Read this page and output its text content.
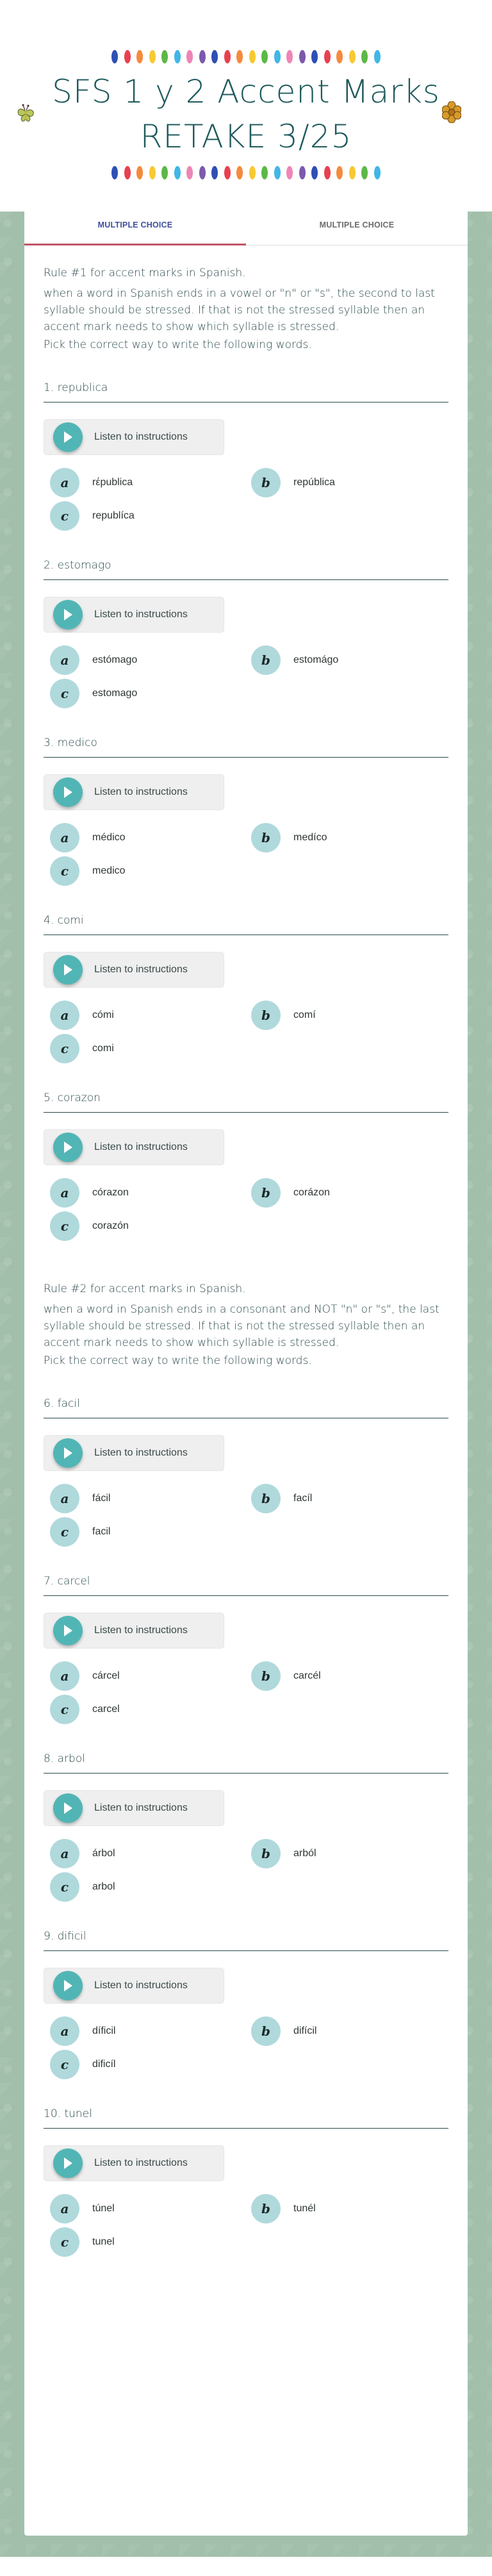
SFS 1 y 2 Accent Marks
RETAKE 3/25
MULTIPLE CHOICE	MULTIPLE CHOICE

Rule #1 for accent marks in Spanish.

when a word in Spanish ends in a vowel or "n" or "s", the second to last syllable should be stressed. If that is not the stressed syllable then an accent mark needs to show which syllable is stressed.

Pick the correct way to write the following words.

1. republica
Listen to instructions
a	rέpublica	b	república
c	republíca
2. estomago
Listen to instructions
a	estómago	b	estomágo
c	estomago
3. medico
Listen to instructions
a	médico	b	medíco
c	medico
4. comi
Listen to instructions
a	cómi	b	comí
c	comi
5. corazon
Listen to instructions
a	córazon	b	corázon
c	corazón

Rule #2 for accent marks in Spanish.

when a word in Spanish ends in a consonant and NOT "n" or "s", the last syllable should be stressed. If that is not the stressed syllable then an accent mark needs to show which syllable is stressed.

Pick the correct way to write the following words.

6. facil
Listen to instructions
a	fácil	b	facíl
c	facil
7. carcel
Listen to instructions
a	cárcel	b	carcél
c	carcel
8. arbol
Listen to instructions
a	árbol	b	arból
c	arbol
9. dificil
Listen to instructions
a	díficil	b	difícil
c	dificíl
10. tunel
Listen to instructions
a	túnel	b	tunél
c	tunel
